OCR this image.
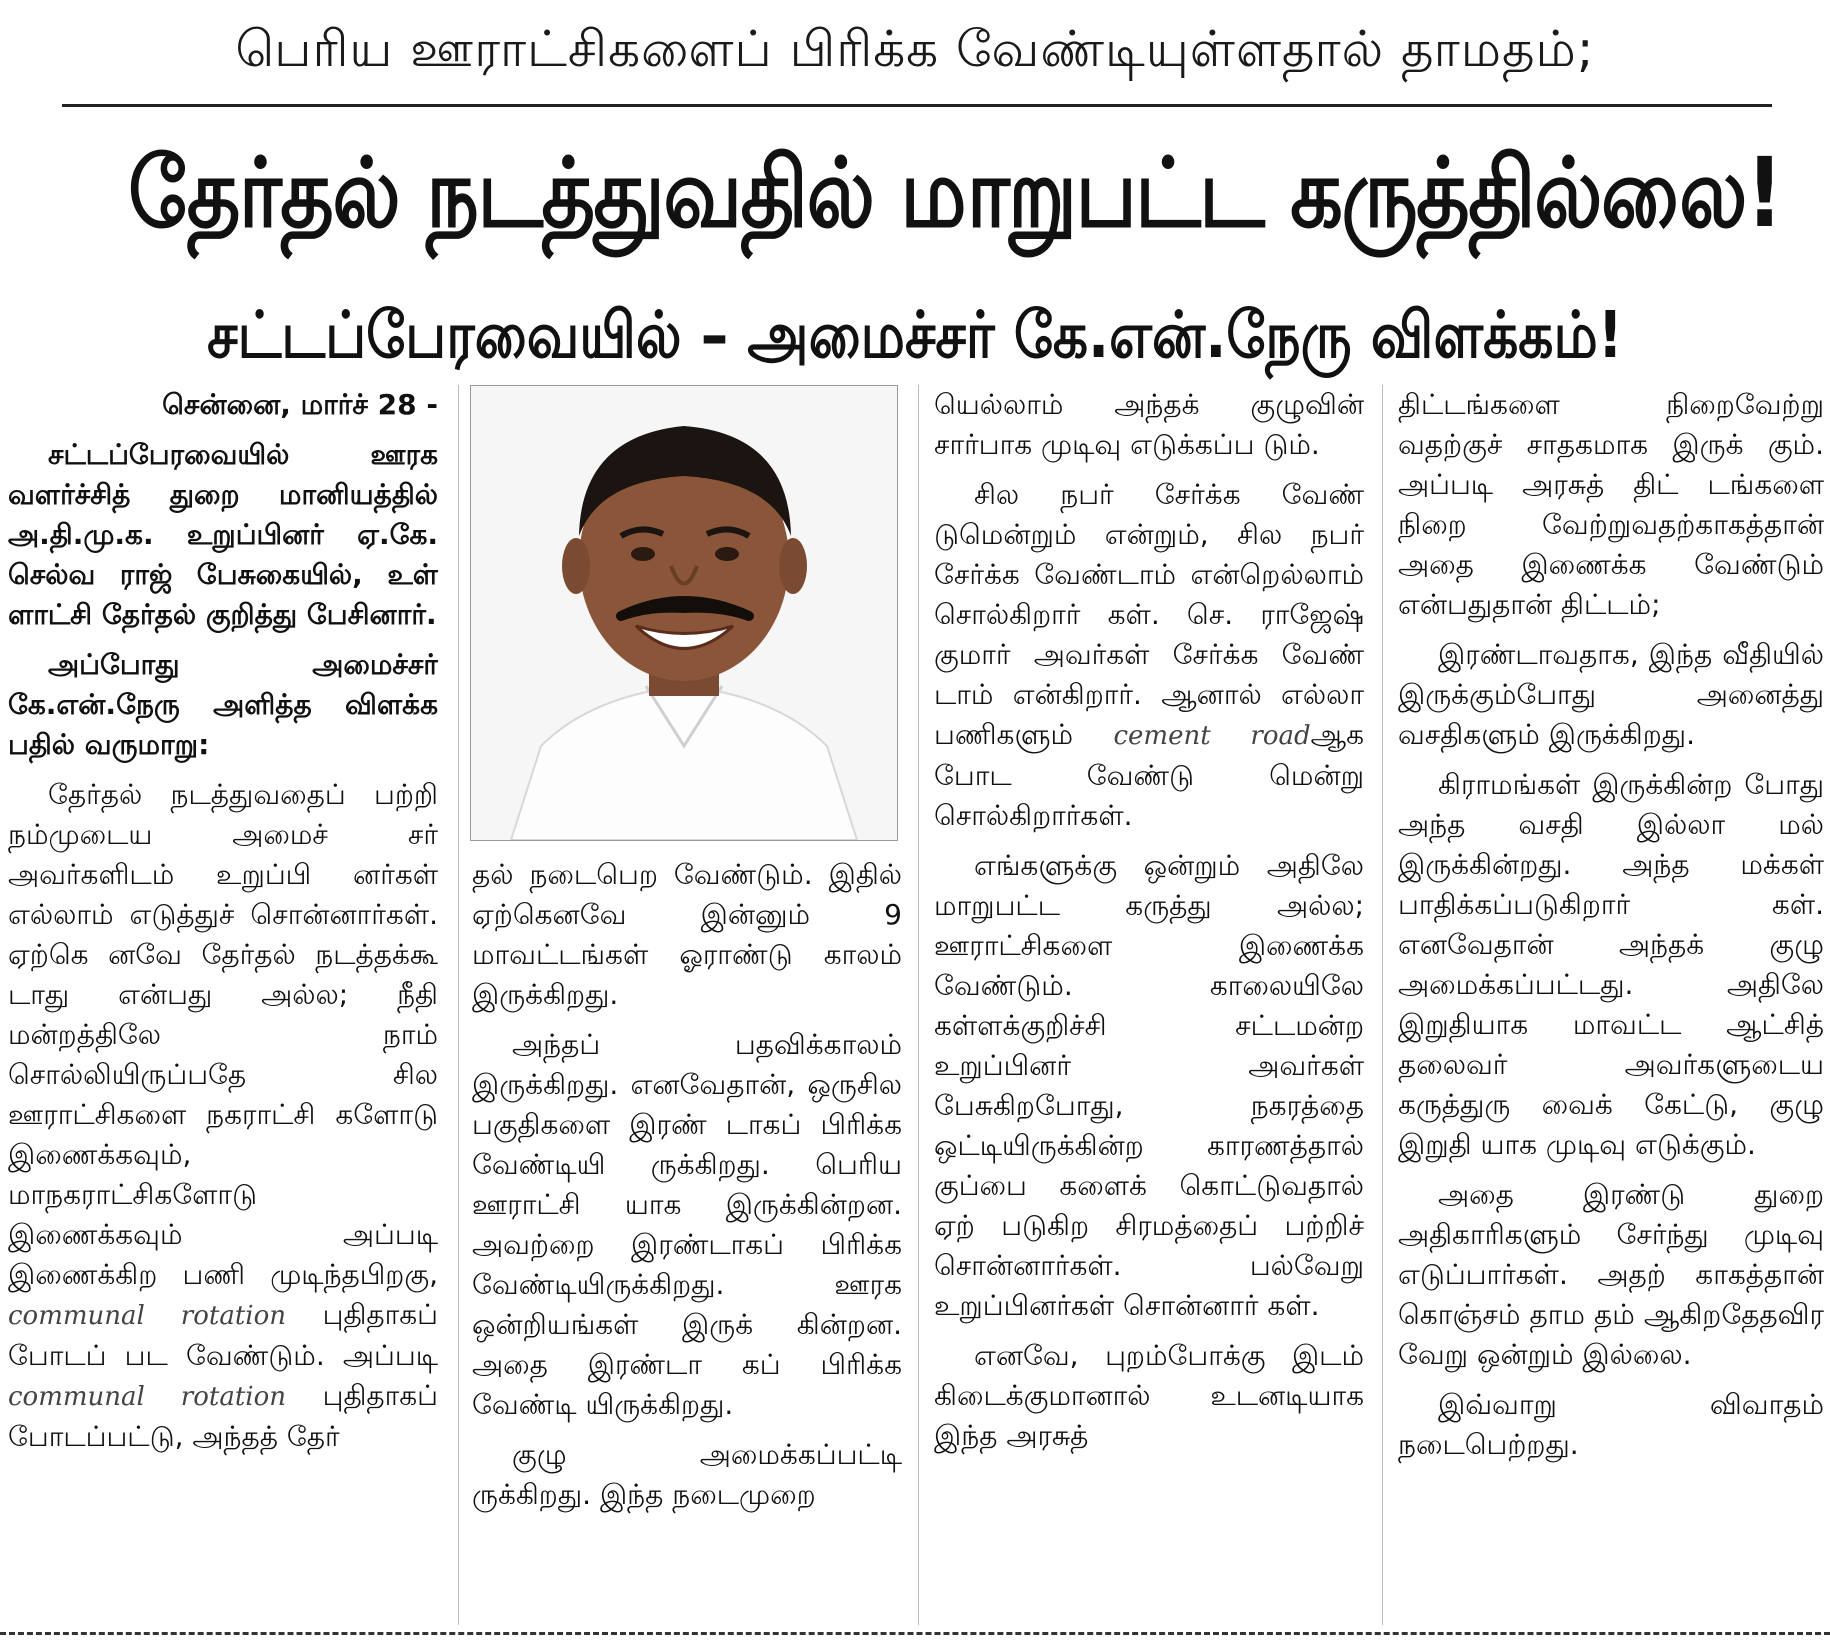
பெரிய ஊராட்சிகளைப் பிரிக்க வேண்டியுள்ளதால் தாமதம்;
தேர்தல் நடத்துவதில் மாறுபட்ட கருத்தில்லை!
சட்டப்பேரவையில் – அமைச்சர் கே.என்.நேரு விளக்கம்!

சென்னை, மார்ச் 28 -

சட்டப்பேரவையில் ஊரக வளர்ச்சித் துறை மானியத்தில் அ.தி.மு.க. உறுப்பினர் ஏ.கே. செல்வ ராஜ் பேசுகையில், உள் ளாட்சி தேர்தல் குறித்து பேசினார்.

அப்போது அமைச்சர் கே.என்.நேரு அளித்த விளக்க பதில் வருமாறு:

தேர்தல் நடத்துவதைப் பற்றி நம்முடைய அமைச் சர் அவர்களிடம் உறுப்பி னர்கள் எல்லாம் எடுத்துச் சொன்னார்கள். ஏற்கெ னவே தேர்தல் நடத்தக்கூ டாது என்பது அல்ல; நீதி மன்றத்திலே நாம் சொல்லியிருப்பதே சில ஊராட்சிகளை நகராட்சி களோடு இணைக்கவும், மாநகராட்சிகளோடு இணைக்கவும் அப்படி இணைக்கிற பணி முடிந்தபிறகு, communal rotation புதிதாகப் போடப் பட வேண்டும். அப்படி communal rotation புதிதாகப் போடப்பட்டு, அந்தத் தேர்

தல் நடைபெற வேண்டும். இதில் ஏற்கெனவே இன்னும் 9 மாவட்டங்கள் ஓராண்டு காலம் இருக்கிறது.

அந்தப் பதவிக்காலம் இருக்கிறது. எனவேதான், ஒருசில பகுதிகளை இரண் டாகப் பிரிக்க வேண்டியி ருக்கிறது. பெரிய ஊராட்சி யாக இருக்கின்றன. அவற்றை இரண்டாகப் பிரிக்க வேண்டியிருக்கிறது. ஊரக ஒன்றியங்கள் இருக் கின்றன. அதை இரண்டா கப் பிரிக்க வேண்டி யிருக்கிறது.

குழு அமைக்கப்பட்டி ருக்கிறது. இந்த நடைமுறை

யெல்லாம் அந்தக் குழுவின் சார்பாக முடிவு எடுக்கப்ப டும்.

சில நபர் சேர்க்க வேண் டுமென்றும் என்றும், சில நபர் சேர்க்க வேண்டாம் என்றெல்லாம் சொல்கிறார் கள். செ. ராஜேஷ் குமார் அவர்கள் சேர்க்க வேண் டாம் என்கிறார். ஆனால் எல்லா பணிகளும் cement roadஆக போட வேண்டு மென்று சொல்கிறார்கள்.

எங்களுக்கு ஒன்றும் அதிலே மாறுபட்ட கருத்து அல்ல; ஊராட்சிகளை இணைக்க வேண்டும். காலையிலே கள்ளக்குறிச்சி சட்டமன்ற உறுப்பினர் அவர்கள் பேசுகிறபோது, நகரத்தை ஒட்டியிருக்கின்ற காரணத்தால் குப்பை களைக் கொட்டுவதால் ஏற் படுகிற சிரமத்தைப் பற்றிச் சொன்னார்கள். பல்வேறு உறுப்பினர்கள் சொன்னார் கள்.

எனவே, புறம்போக்கு இடம் கிடைக்குமானால் உடனடியாக இந்த அரசுத்

திட்டங்களை நிறைவேற்று வதற்குச் சாதகமாக இருக் கும். அப்படி அரசுத் திட் டங்களை நிறை வேற்றுவதற்காகத்தான் அதை இணைக்க வேண்டும் என்பதுதான் திட்டம்;

இரண்டாவதாக, இந்த வீதியில் இருக்கும்போது அனைத்து வசதிகளும் இருக்கிறது.

கிராமங்கள் இருக்கின்ற போது அந்த வசதி இல்லா மல் இருக்கின்றது. அந்த மக்கள் பாதிக்கப்படுகிறார் கள். எனவேதான் அந்தக் குழு அமைக்கப்பட்டது. அதிலே இறுதியாக மாவட்ட ஆட்சித் தலைவர் அவர்களுடைய கருத்துரு வைக் கேட்டு, குழு இறுதி யாக முடிவு எடுக்கும்.

அதை இரண்டு துறை அதிகாரிகளும் சேர்ந்து முடிவு எடுப்பார்கள். அதற் காகத்தான் கொஞ்சம் தாம தம் ஆகிறதேதவிர வேறு ஒன்றும் இல்லை.

இவ்வாறு விவாதம் நடைபெற்றது.
